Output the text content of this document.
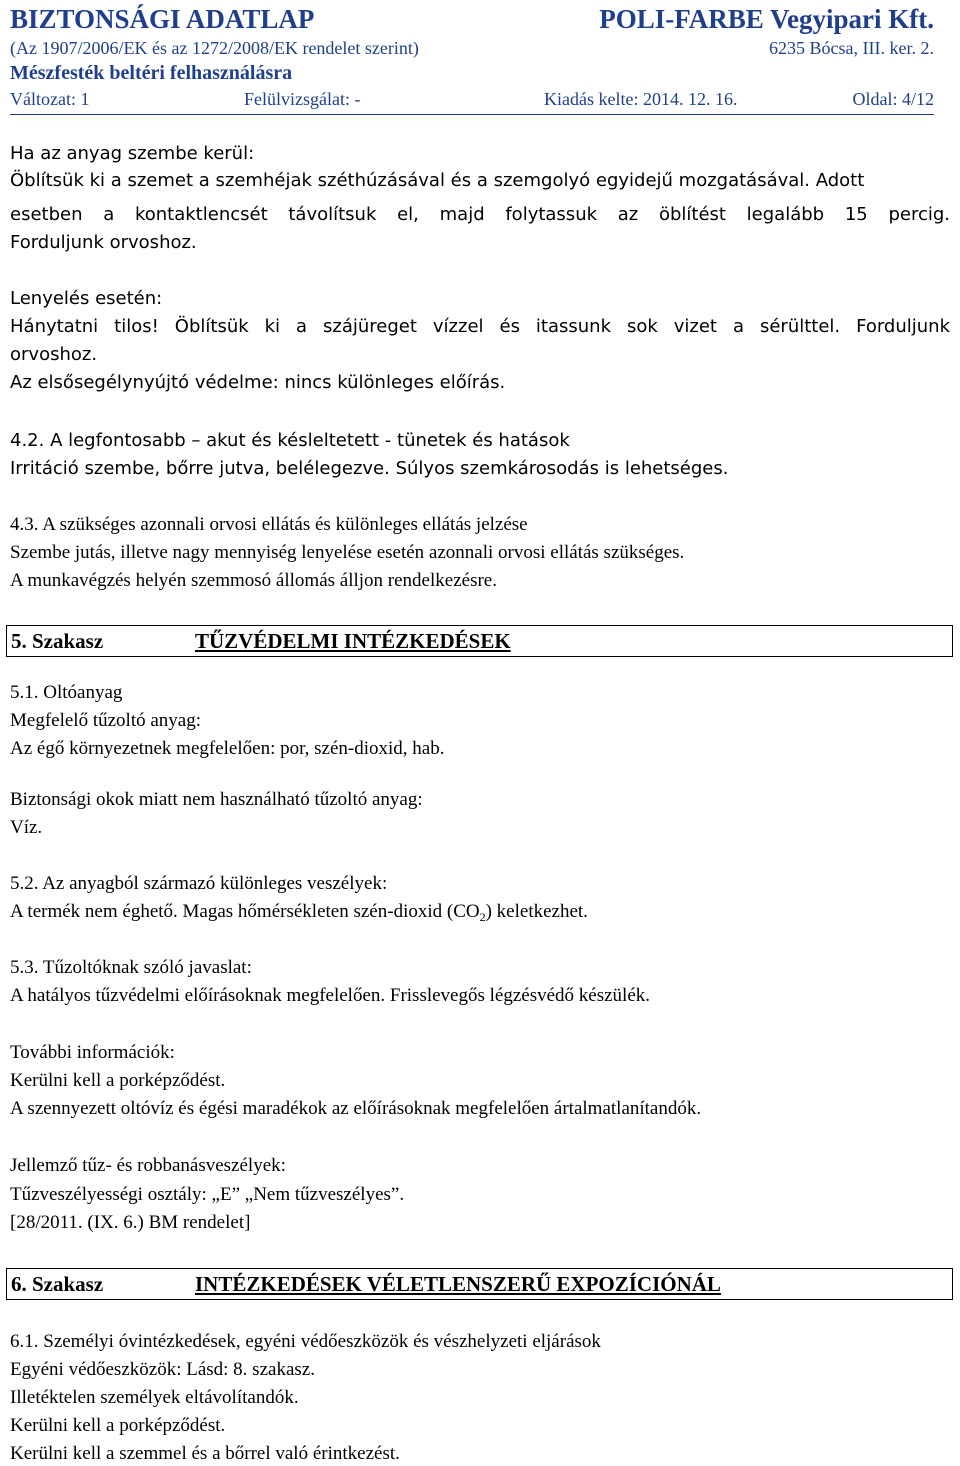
BIZTONSÁGI ADATLAP	POLI-FARBE Vegyipari Kft.
(Az 1907/2006/EK és az 1272/2008/EK rendelet szerint)	6235 Bócsa, III. ker. 2.
Mészfesték beltéri felhasználásra
Változat: 1	Felülvizsgálat: -	Kiadás kelte: 2014. 12. 16.	Oldal: 4/12
Ha az anyag szembe kerül:
Öblítsük ki a szemet a szemhéjak széthúzásával és a szemgolyó egyidejű mozgatásával. Adott
esetben a kontaktlencsét távolítsuk el, majd folytassuk az öblítést legalább 15 percig.
Forduljunk orvoshoz.
Lenyelés esetén:
Hánytatni tilos! Öblítsük ki a szájüreget vízzel és itassunk sok vizet a sérülttel. Forduljunk
orvoshoz.
Az elsősegélynyújtó védelme: nincs különleges előírás.
4.2. A legfontosabb – akut és késleltetett - tünetek és hatások
Irritáció szembe, bőrre jutva, belélegezve. Súlyos szemkárosodás is lehetséges.
4.3. A szükséges azonnali orvosi ellátás és különleges ellátás jelzése
Szembe jutás, illetve nagy mennyiség lenyelése esetén azonnali orvosi ellátás szükséges.
A munkavégzés helyén szemmosó állomás álljon rendelkezésre.
5. Szakasz	TŰZVÉDELMI INTÉZKEDÉSEK
5.1. Oltóanyag
Megfelelő tűzoltó anyag:
Az égő környezetnek megfelelően: por, szén-dioxid, hab.
Biztonsági okok miatt nem használható tűzoltó anyag:
Víz.
5.2. Az anyagból származó különleges veszélyek:
A termék nem éghető. Magas hőmérsékleten szén-dioxid $(CO_2)$ keletkezhet.
5.3. Tűzoltóknak szóló javaslat:
A hatályos tűzvédelmi előírásoknak megfelelően. Frisslevegős légzésvédő készülék.
További információk:
Kerülni kell a porképződést.
A szennyezett oltóvíz és égési maradékok az előírásoknak megfelelően ártalmatlanítandók.
Jellemző tűz- és robbanásveszélyek:
Tűzveszélyességi osztály: „E” „Nem tűzveszélyes”.
[28/2011. (IX. 6.) BM rendelet]
6. Szakasz	INTÉZKEDÉSEK VÉLETLENSZERŰ EXPOZÍCIÓNÁL
6.1. Személyi óvintézkedések, egyéni védőeszközök és vészhelyzeti eljárások
Egyéni védőeszközök: Lásd: 8. szakasz.
Illetéktelen személyek eltávolítandók.
Kerülni kell a porképződést.
Kerülni kell a szemmel és a bőrrel való érintkezést.
